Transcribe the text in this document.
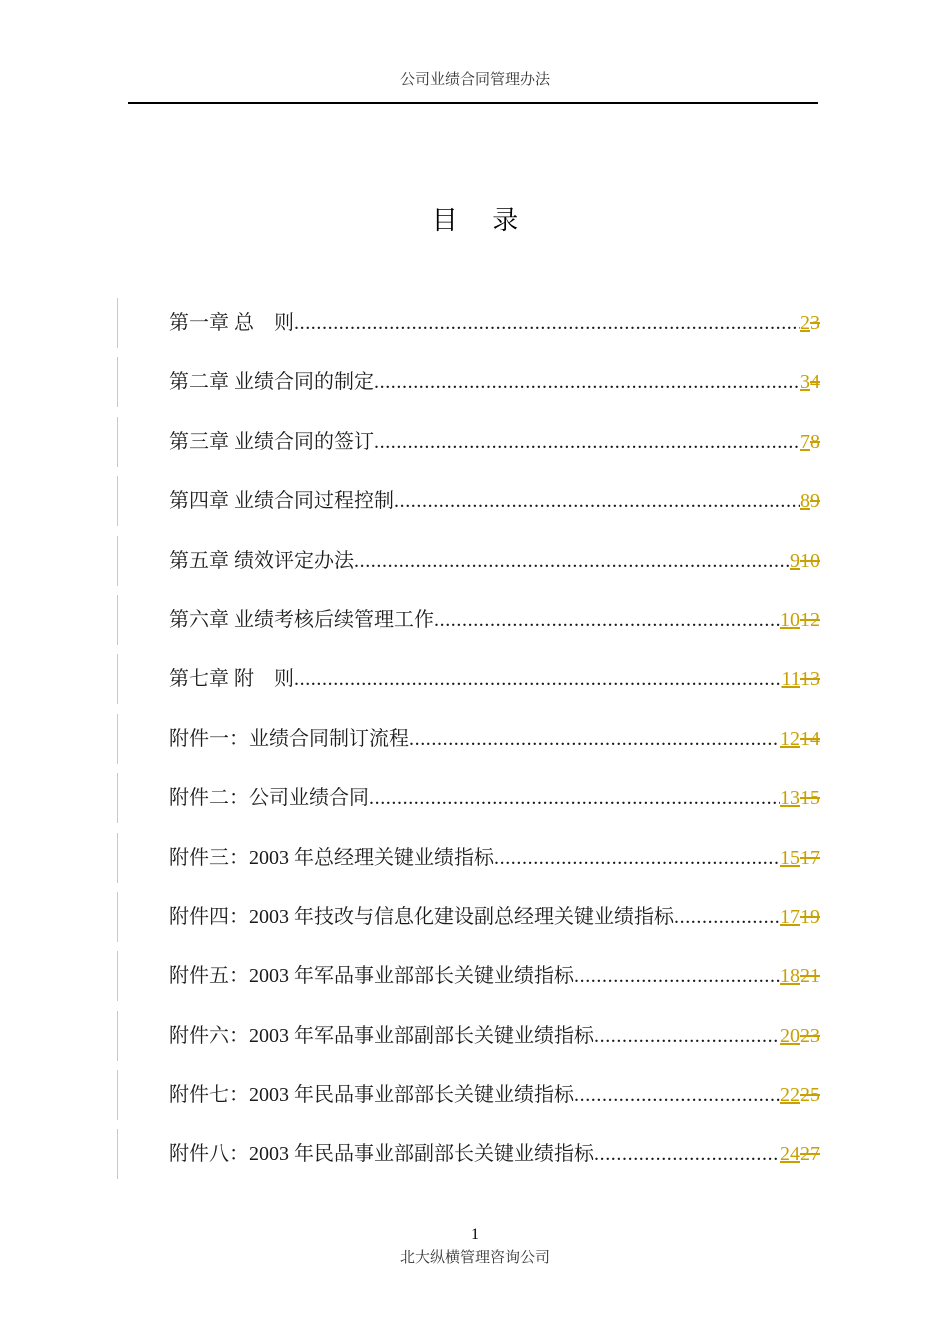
公司业绩合同管理办法
目 录
第一章 总　则 .....	23
第二章 业绩合同的制定 .....	34
第三章 业绩合同的签订 .....	78
第四章 业绩合同过程控制 .....	89
第五章 绩效评定办法 .....	910
第六章 业绩考核后续管理工作 .....	1012
第七章 附　则 .....	1113
附件一：业绩合同制订流程 .....	1214
附件二：公司业绩合同 .....	1315
附件三：2003 年总经理关键业绩指标 .....	1517
附件四：2003 年技改与信息化建设副总经理关键业绩指标 .....	1719
附件五：2003 年军品事业部部长关键业绩指标 .....	1821
附件六：2003 年军品事业部副部长关键业绩指标 .....	2023
附件七：2003 年民品事业部部长关键业绩指标 .....	2225
附件八：2003 年民品事业部副部长关键业绩指标 .....	2427
1
北大纵横管理咨询公司
